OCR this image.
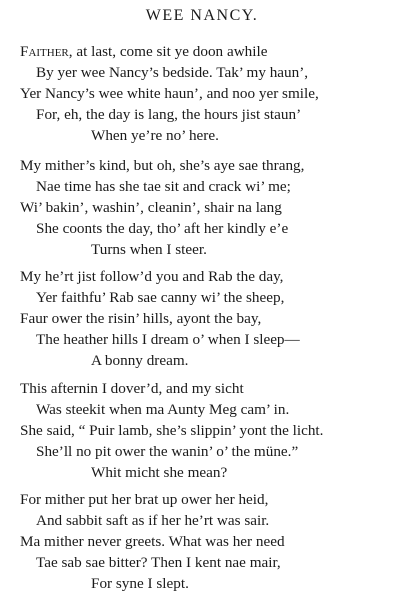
WEE NANCY.
Faither, at last, come sit ye doon awhile
By yer wee Nancy’s bedside. Tak’ my haun’,
Yer Nancy’s wee white haun’, and noo yer smile,
For, eh, the day is lang, the hours jist staun’
When ye’re no’ here.
My mither’s kind, but oh, she’s aye sae thrang,
Nae time has she tae sit and crack wi’ me;
Wi’ bakin’, washin’, cleanin’, shair na lang
She coonts the day, tho’ aft her kindly e’e
Turns when I steer.
My he’rt jist follow’d you and Rab the day,
Yer faithfu’ Rab sae canny wi’ the sheep,
Faur ower the risin’ hills, ayont the bay,
The heather hills I dream o’ when I sleep—
A bonny dream.
This afternin I dover’d, and my sicht
Was steekit when ma Aunty Meg cam’ in.
She said, “ Puir lamb, she’s slippin’ yont the licht.
She’ll no pit ower the wanin’ o’ the müne.”
Whit micht she mean?
For mither put her brat up ower her heid,
And sabbit saft as if her he’rt was sair.
Ma mither never greets. What was her need
Tae sab sae bitter? Then I kent nae mair,
For syne I slept.
